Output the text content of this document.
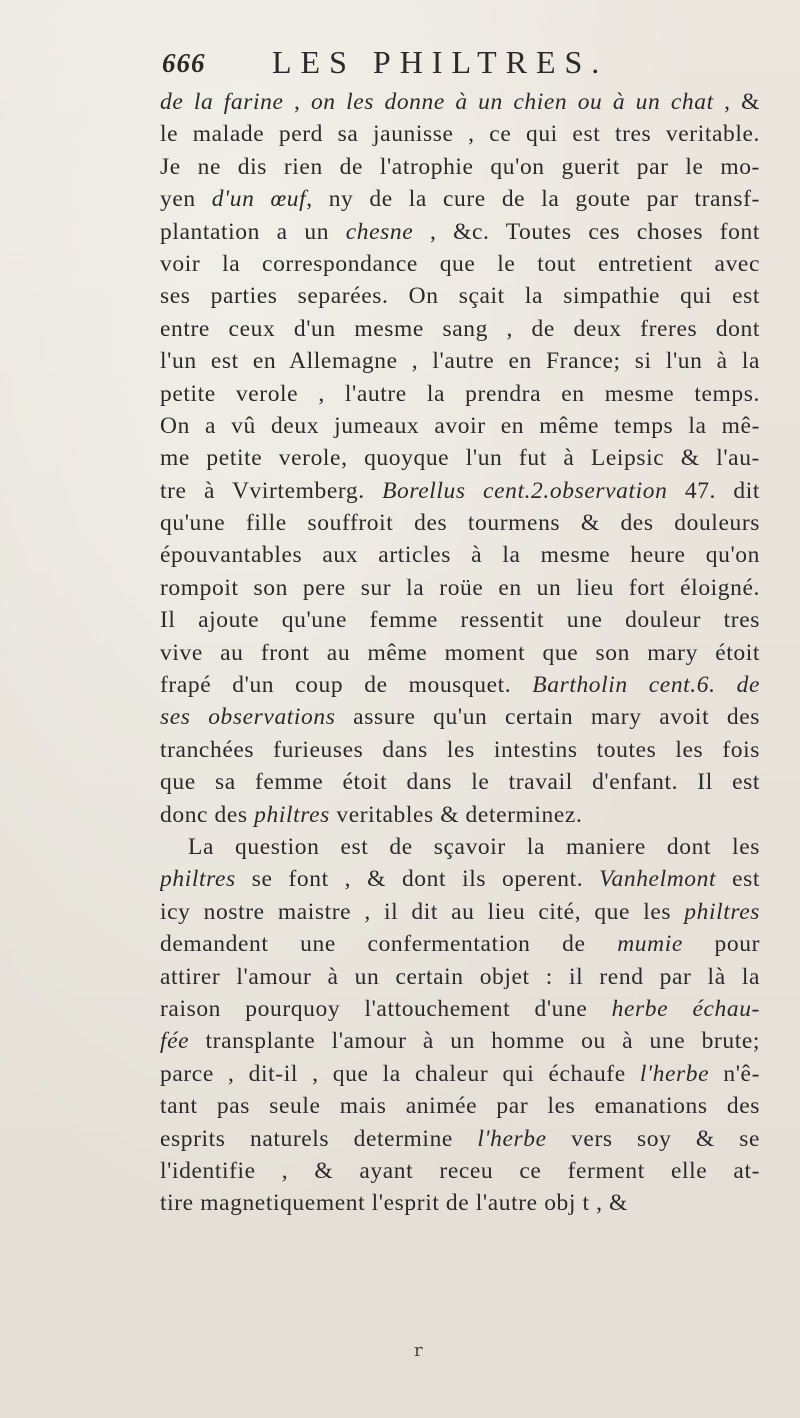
666 LES PHILTRES.
de la farine , on les donne à un chien ou à un chat , &
le malade perd sa jaunisse , ce qui est tres veritable.
Je ne dis rien de l'atrophie qu'on guerit par le mo-
yen d'un œuf, ny de la cure de la goute par transf-
plantation a un chesne , &c. Toutes ces choses font
voir la correspondance que le tout entretient avec
ses parties separées. On sçait la simpathie qui est
entre ceux d'un mesme sang , de deux freres dont
l'un est en Allemagne , l'autre en France; si l'un à la
petite verole , l'autre la prendra en mesme temps.
On a vû deux jumeaux avoir en même temps la mê-
me petite verole, quoyque l'un fut à Leipsic & l'au-
tre à Vvirtemberg. Borellus cent.2.observation 47. dit
qu'une fille souffroit des tourmens & des douleurs
épouvantables aux articles à la mesme heure qu'on
rompoit son pere sur la roüe en un lieu fort éloigné.
Il ajoute qu'une femme ressentit une douleur tres
vive au front au même moment que son mary étoit
frapé d'un coup de mousquet. Bartholin cent.6. de
ses observations assure qu'un certain mary avoit des
tranchées furieuses dans les intestins toutes les fois
que sa femme étoit dans le travail d'enfant. Il est
donc des philtres veritables & determinez.
La question est de sçavoir la maniere dont les
philtres se font , & dont ils operent. Vanhelmont est
icy nostre maistre , il dit au lieu cité, que les philtres
demandent une confermentation de mumie pour
attirer l'amour à un certain objet : il rend par là la
raison pourquoy l'attouchement d'une herbe échau-
fée transplante l'amour à un homme ou à une brute;
parce , dit-il , que la chaleur qui échaufe l'herbe n'ê-
tant pas seule mais animée par les emanations des
esprits naturels determine l'herbe vers soy & se
l'identifie , & ayant receu ce ferment elle at-
tire magnetiquement l'esprit de l'autre obj t , &
r
